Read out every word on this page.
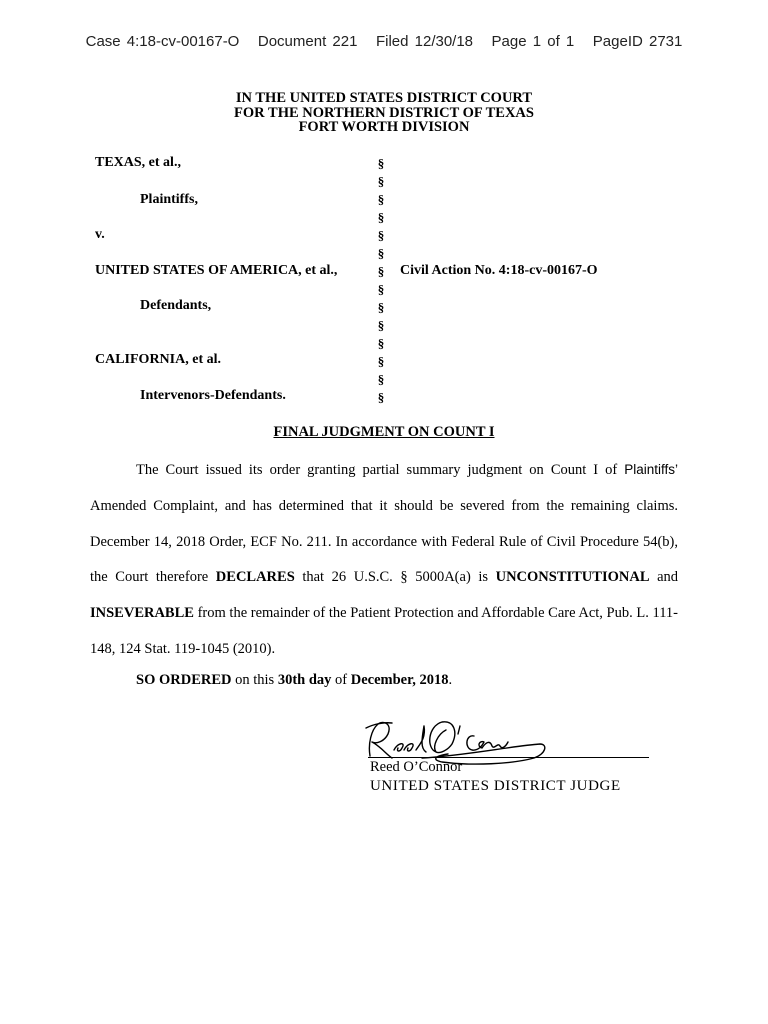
Case 4:18-cv-00167-O Document 221 Filed 12/30/18 Page 1 of 1 PageID 2731
IN THE UNITED STATES DISTRICT COURT
FOR THE NORTHERN DISTRICT OF TEXAS
FORT WORTH DIVISION
TEXAS, et al.,
Plaintiffs,
v.
UNITED STATES OF AMERICA, et al.,
Defendants,
CALIFORNIA, et al.
Intervenors-Defendants.
Civil Action No. 4:18-cv-00167-O
§
§
§
§
§
§
§
§
§
§
§
§
§
§
FINAL JUDGMENT ON COUNT I

The Court issued its order granting partial summary judgment on Count I of Plaintiffs’ Amended Complaint, and has determined that it should be severed from the remaining claims. December 14, 2018 Order, ECF No. 211. In accordance with Federal Rule of Civil Procedure 54(b), the Court therefore DECLARES that 26 U.S.C. § 5000A(a) is UNCONSTITUTIONAL and INSEVERABLE from the remainder of the Patient Protection and Affordable Care Act, Pub. L. 111-148, 124 Stat. 119-1045 (2010).

SO ORDERED on this 30th day of December, 2018.
Reed O’Connor
UNITED STATES DISTRICT JUDGE
